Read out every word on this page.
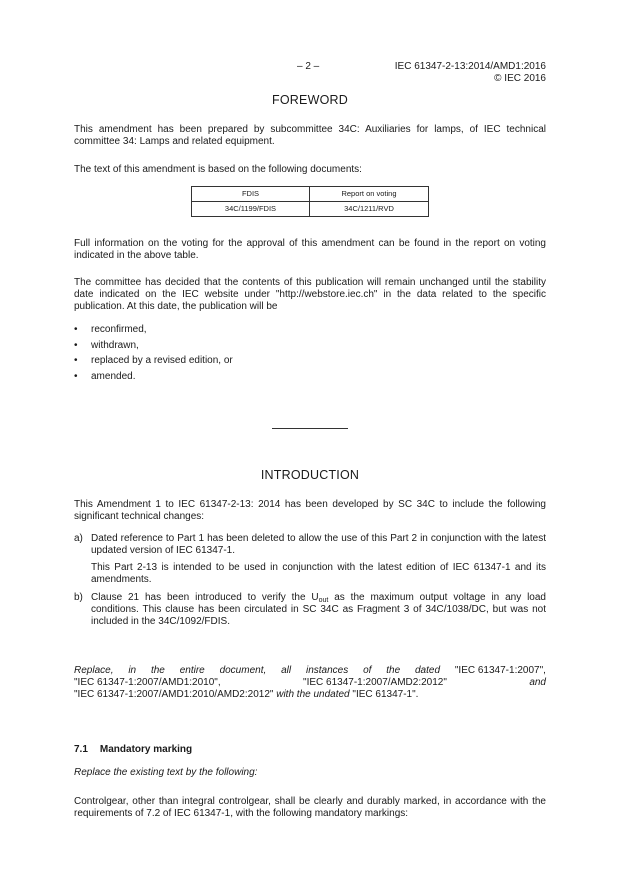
– 2 –	IEC 61347-2-13:2014/AMD1:2016
© IEC 2016
FOREWORD
This amendment has been prepared by subcommittee 34C: Auxiliaries for lamps, of IEC technical committee 34: Lamps and related equipment.
The text of this amendment is based on the following documents:
FDIS	Report on voting
34C/1199/FDIS	34C/1211/RVD
Full information on the voting for the approval of this amendment can be found in the report on voting indicated in the above table.
The committee has decided that the contents of this publication will remain unchanged until the stability date indicated on the IEC website under "http://webstore.iec.ch" in the data related to the specific publication. At this date, the publication will be
• reconfirmed,
• withdrawn,
• replaced by a revised edition, or
• amended.
INTRODUCTION
This Amendment 1 to IEC 61347-2-13: 2014 has been developed by SC 34C to include the following significant technical changes:
a) Dated reference to Part 1 has been deleted to allow the use of this Part 2 in conjunction with the latest updated version of IEC 61347-1.
This Part 2-13 is intended to be used in conjunction with the latest edition of IEC 61347-1 and its amendments.
b) Clause 21 has been introduced to verify the $U_{out}$ as the maximum output voltage in any load conditions. This clause has been circulated in SC 34C as Fragment 3 of 34C/1038/DC, but was not included in the 34C/1092/FDIS.
Replace, in the entire document, all instances of the dated "IEC 61347-1:2007",
"IEC 61347-1:2007/AMD1:2010",	"IEC 61347-1:2007/AMD2:2012"	and
"IEC 61347-1:2007/AMD1:2010/AMD2:2012" with the undated "IEC 61347-1".
7.1 Mandatory marking
Replace the existing text by the following:
Controlgear, other than integral controlgear, shall be clearly and durably marked, in accordance with the requirements of 7.2 of IEC 61347-1, with the following mandatory markings:
